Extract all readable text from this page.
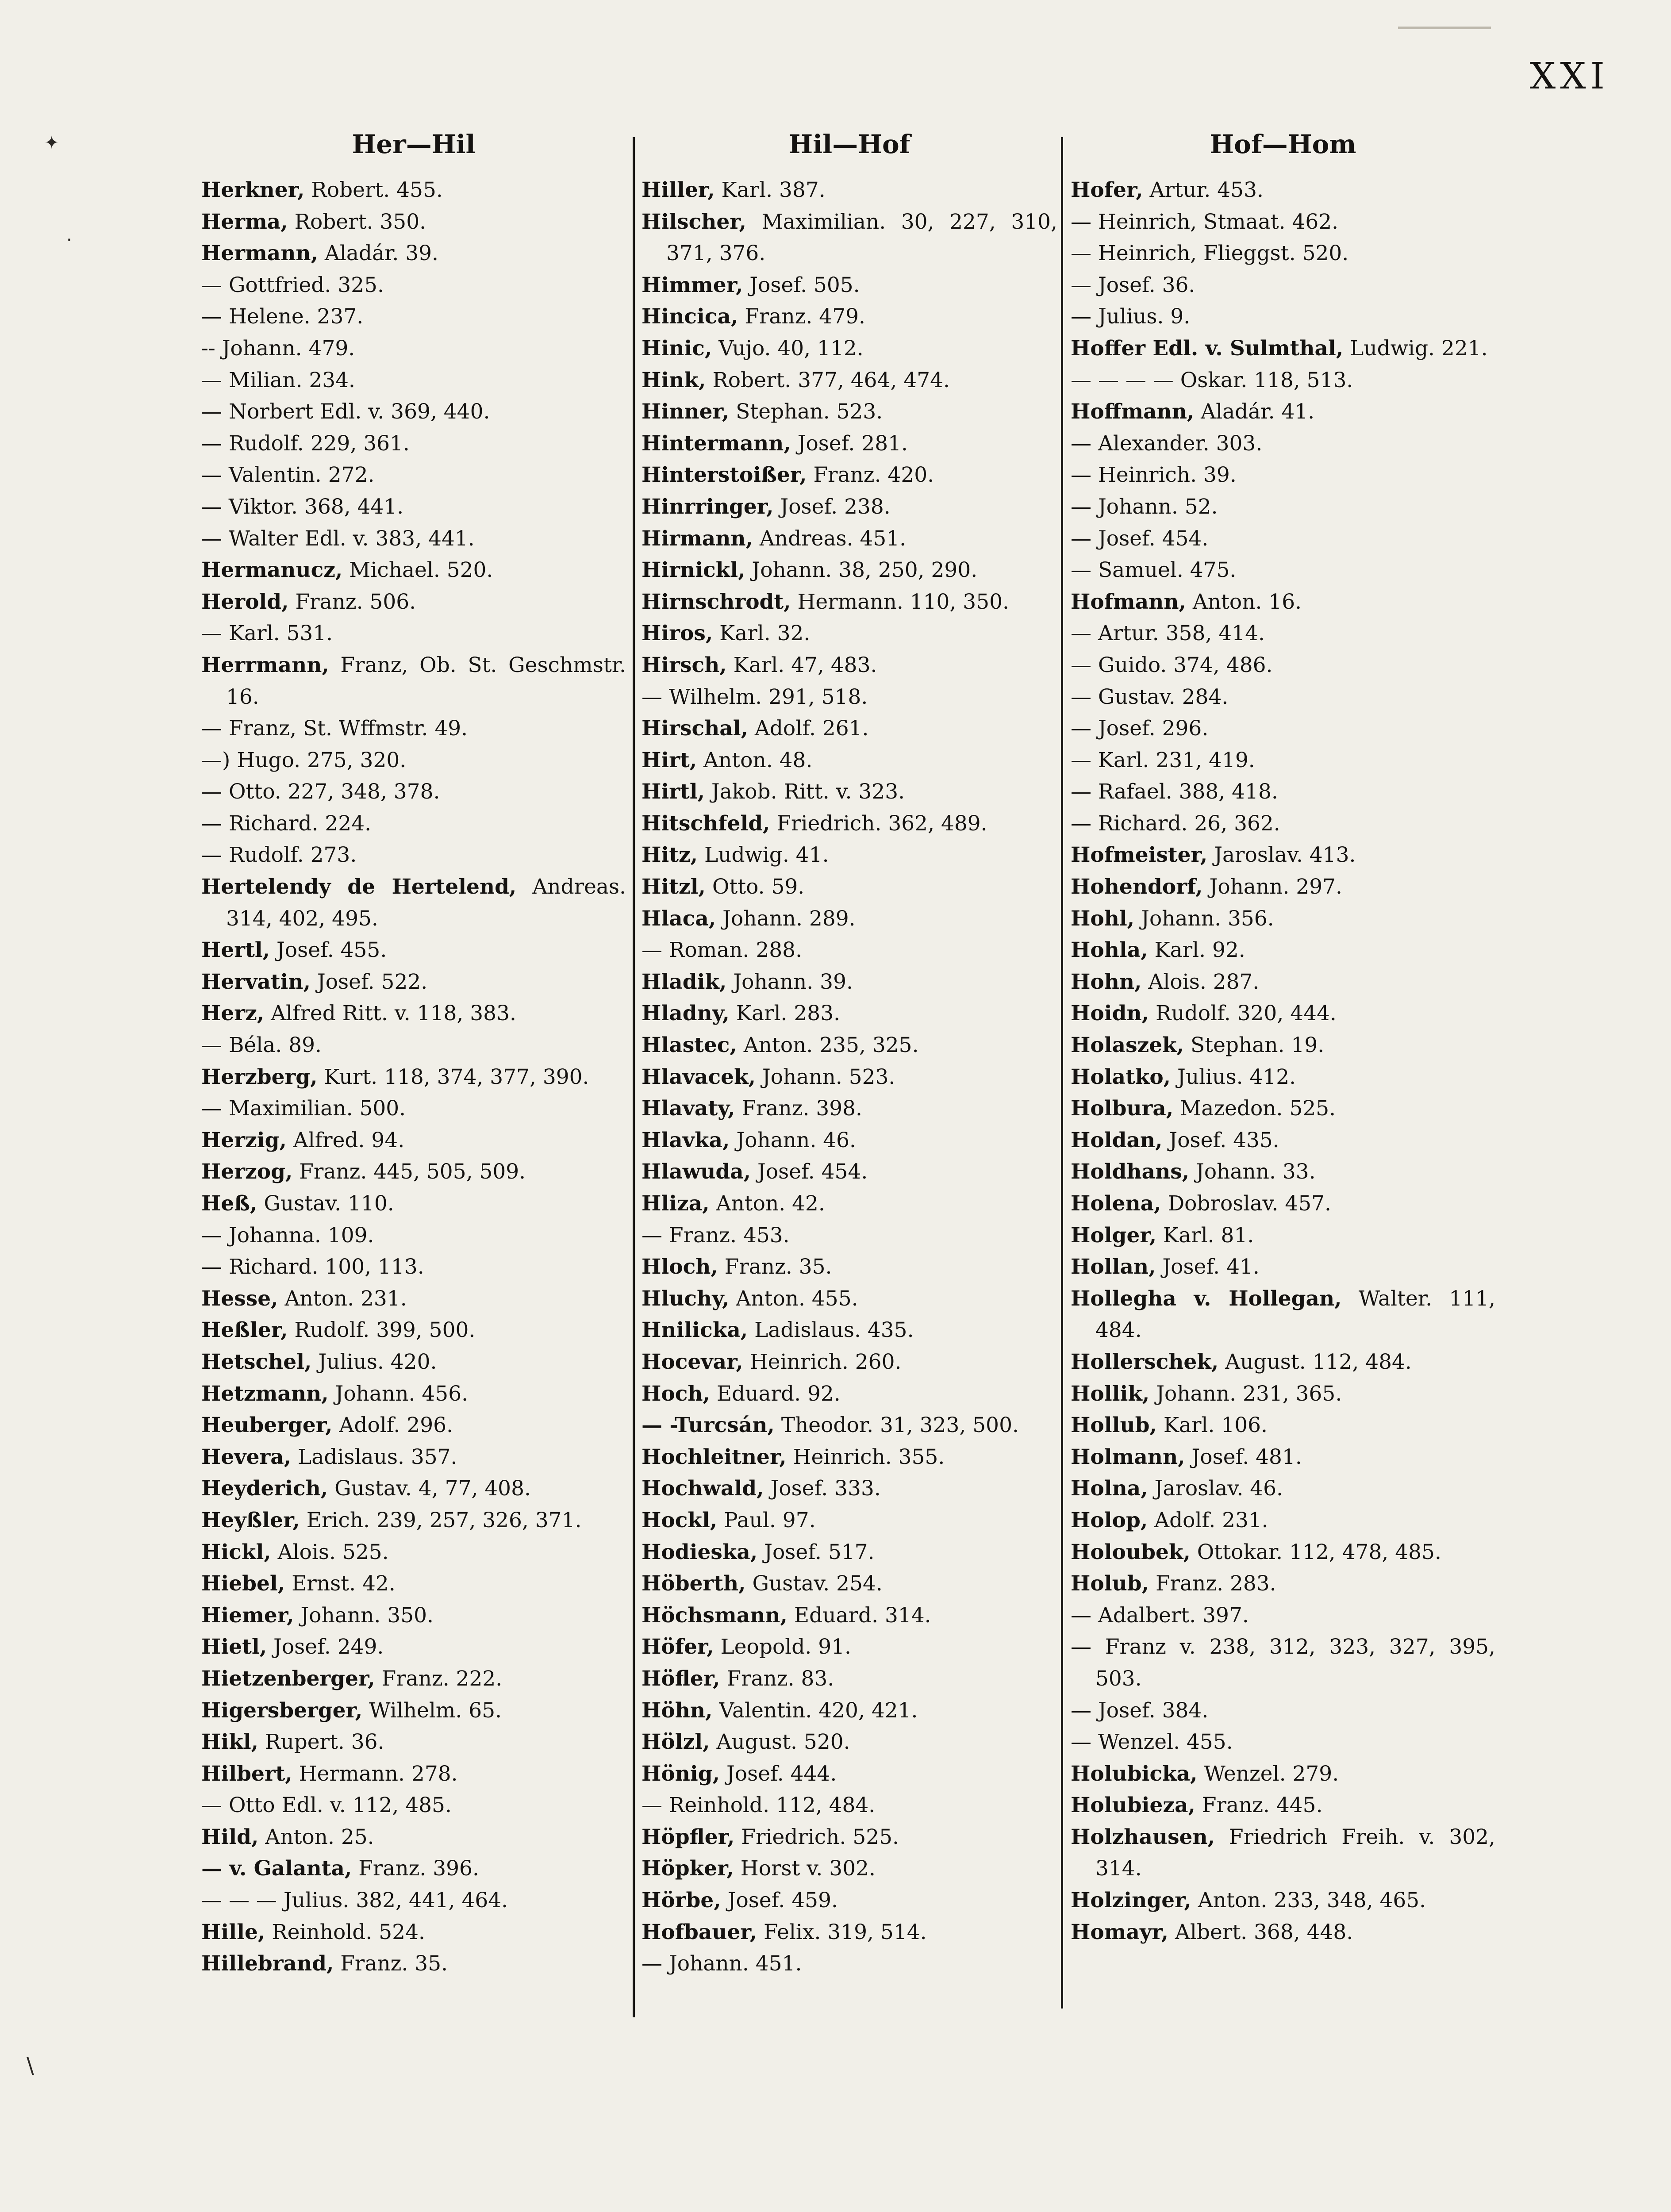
XXI
✦
·
\
Her—Hil
Herkner, Robert. 455.
Herma, Robert. 350.
Hermann, Aladár. 39.
— Gottfried. 325.
— Helene. 237.
-- Johann. 479.
— Milian. 234.
— Norbert Edl. v. 369, 440.
— Rudolf. 229, 361.
— Valentin. 272.
— Viktor. 368, 441.
— Walter Edl. v. 383, 441.
Hermanucz, Michael. 520.
Herold, Franz. 506.
— Karl. 531.
Herrmann, Franz, Ob. St. Geschmstr. 16.
— Franz, St. Wffmstr. 49.
—) Hugo. 275, 320.
— Otto. 227, 348, 378.
— Richard. 224.
— Rudolf. 273.
Hertelendy de Hertelend, Andreas. 314, 402, 495.
Hertl, Josef. 455.
Hervatin, Josef. 522.
Herz, Alfred Ritt. v. 118, 383.
— Béla. 89.
Herzberg, Kurt. 118, 374, 377, 390.
— Maximilian. 500.
Herzig, Alfred. 94.
Herzog, Franz. 445, 505, 509.
Heß, Gustav. 110.
— Johanna. 109.
— Richard. 100, 113.
Hesse, Anton. 231.
Heßler, Rudolf. 399, 500.
Hetschel, Julius. 420.
Hetzmann, Johann. 456.
Heuberger, Adolf. 296.
Hevera, Ladislaus. 357.
Heyderich, Gustav. 4, 77, 408.
Heyßler, Erich. 239, 257, 326, 371.
Hickl, Alois. 525.
Hiebel, Ernst. 42.
Hiemer, Johann. 350.
Hietl, Josef. 249.
Hietzenberger, Franz. 222.
Higersberger, Wilhelm. 65.
Hikl, Rupert. 36.
Hilbert, Hermann. 278.
— Otto Edl. v. 112, 485.
Hild, Anton. 25.
— v. Galanta, Franz. 396.
— — — Julius. 382, 441, 464.
Hille, Reinhold. 524.
Hillebrand, Franz. 35.
Hil—Hof
Hiller, Karl. 387.
Hilscher, Maximilian. 30, 227, 310, 371, 376.
Himmer, Josef. 505.
Hincica, Franz. 479.
Hinic, Vujo. 40, 112.
Hink, Robert. 377, 464, 474.
Hinner, Stephan. 523.
Hintermann, Josef. 281.
Hinterstoißer, Franz. 420.
Hinrringer, Josef. 238.
Hirmann, Andreas. 451.
Hirnickl, Johann. 38, 250, 290.
Hirnschrodt, Hermann. 110, 350.
Hiros, Karl. 32.
Hirsch, Karl. 47, 483.
— Wilhelm. 291, 518.
Hirschal, Adolf. 261.
Hirt, Anton. 48.
Hirtl, Jakob. Ritt. v. 323.
Hitschfeld, Friedrich. 362, 489.
Hitz, Ludwig. 41.
Hitzl, Otto. 59.
Hlaca, Johann. 289.
— Roman. 288.
Hladik, Johann. 39.
Hladny, Karl. 283.
Hlastec, Anton. 235, 325.
Hlavacek, Johann. 523.
Hlavaty, Franz. 398.
Hlavka, Johann. 46.
Hlawuda, Josef. 454.
Hliza, Anton. 42.
— Franz. 453.
Hloch, Franz. 35.
Hluchy, Anton. 455.
Hnilicka, Ladislaus. 435.
Hocevar, Heinrich. 260.
Hoch, Eduard. 92.
— -Turcsán, Theodor. 31, 323, 500.
Hochleitner, Heinrich. 355.
Hochwald, Josef. 333.
Hockl, Paul. 97.
Hodieska, Josef. 517.
Höberth, Gustav. 254.
Höchsmann, Eduard. 314.
Höfer, Leopold. 91.
Höfler, Franz. 83.
Höhn, Valentin. 420, 421.
Hölzl, August. 520.
Hönig, Josef. 444.
— Reinhold. 112, 484.
Höpfler, Friedrich. 525.
Höpker, Horst v. 302.
Hörbe, Josef. 459.
Hofbauer, Felix. 319, 514.
— Johann. 451.
Hof—Hom
Hofer, Artur. 453.
— Heinrich, Stmaat. 462.
— Heinrich, Flieggst. 520.
— Josef. 36.
— Julius. 9.
Hoffer Edl. v. Sulmthal, Ludwig. 221.
— — — — Oskar. 118, 513.
Hoffmann, Aladár. 41.
— Alexander. 303.
— Heinrich. 39.
— Johann. 52.
— Josef. 454.
— Samuel. 475.
Hofmann, Anton. 16.
— Artur. 358, 414.
— Guido. 374, 486.
— Gustav. 284.
— Josef. 296.
— Karl. 231, 419.
— Rafael. 388, 418.
— Richard. 26, 362.
Hofmeister, Jaroslav. 413.
Hohendorf, Johann. 297.
Hohl, Johann. 356.
Hohla, Karl. 92.
Hohn, Alois. 287.
Hoidn, Rudolf. 320, 444.
Holaszek, Stephan. 19.
Holatko, Julius. 412.
Holbura, Mazedon. 525.
Holdan, Josef. 435.
Holdhans, Johann. 33.
Holena, Dobroslav. 457.
Holger, Karl. 81.
Hollan, Josef. 41.
Hollegha v. Hollegan, Walter. 111, 484.
Hollerschek, August. 112, 484.
Hollik, Johann. 231, 365.
Hollub, Karl. 106.
Holmann, Josef. 481.
Holna, Jaroslav. 46.
Holop, Adolf. 231.
Holoubek, Ottokar. 112, 478, 485.
Holub, Franz. 283.
— Adalbert. 397.
— Franz v. 238, 312, 323, 327, 395, 503.
— Josef. 384.
— Wenzel. 455.
Holubicka, Wenzel. 279.
Holubieza, Franz. 445.
Holzhausen, Friedrich Freih. v. 302, 314.
Holzinger, Anton. 233, 348, 465.
Homayr, Albert. 368, 448.
